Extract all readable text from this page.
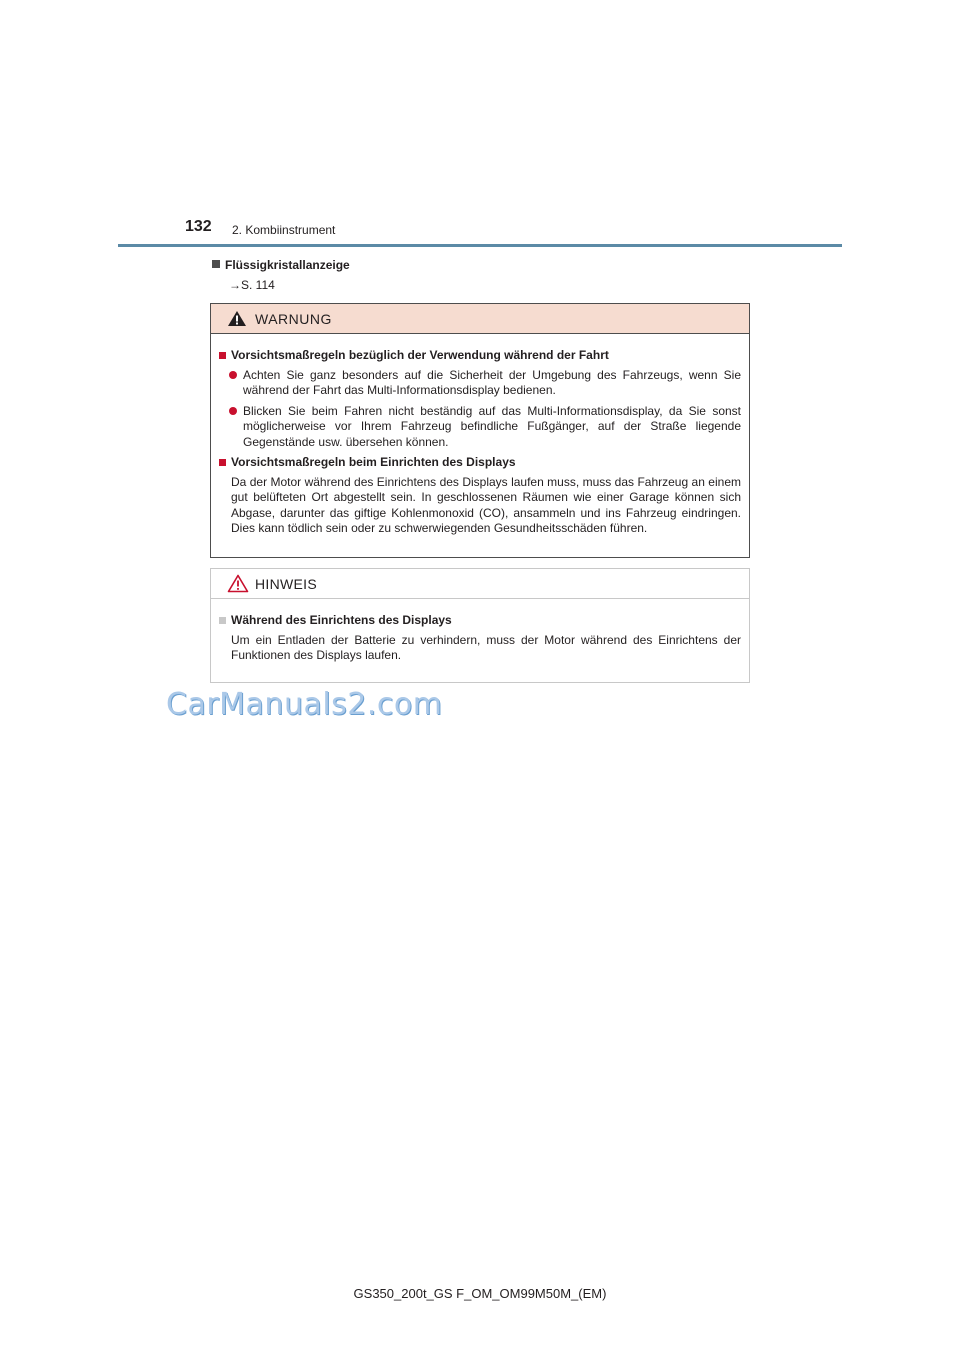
132 2. Kombiinstrument
Flüssigkristallanzeige
→S. 114
WARNUNG

Vorsichtsmaßregeln bezüglich der Verwendung während der Fahrt

Achten Sie ganz besonders auf die Sicherheit der Umgebung des Fahrzeugs, wenn Sie während der Fahrt das Multi-Informationsdisplay bedienen.

Blicken Sie beim Fahren nicht beständig auf das Multi-Informationsdisplay, da Sie sonst möglicherweise vor Ihrem Fahrzeug befindliche Fußgänger, auf der Straße liegende Gegenstände usw. übersehen können.

Vorsichtsmaßregeln beim Einrichten des Displays

Da der Motor während des Einrichtens des Displays laufen muss, muss das Fahrzeug an einem gut belüfteten Ort abgestellt sein. In geschlossenen Räumen wie einer Garage können sich Abgase, darunter das giftige Kohlenmonoxid (CO), ansammeln und ins Fahrzeug eindringen. Dies kann tödlich sein oder zu schwerwiegenden Gesundheitsschäden führen.

HINWEIS

Während des Einrichtens des Displays

Um ein Entladen der Batterie zu verhindern, muss der Motor während des Einrichtens der Funktionen des Displays laufen.

CarManuals2.com
GS350_200t_GS F_OM_OM99M50M_(EM)
